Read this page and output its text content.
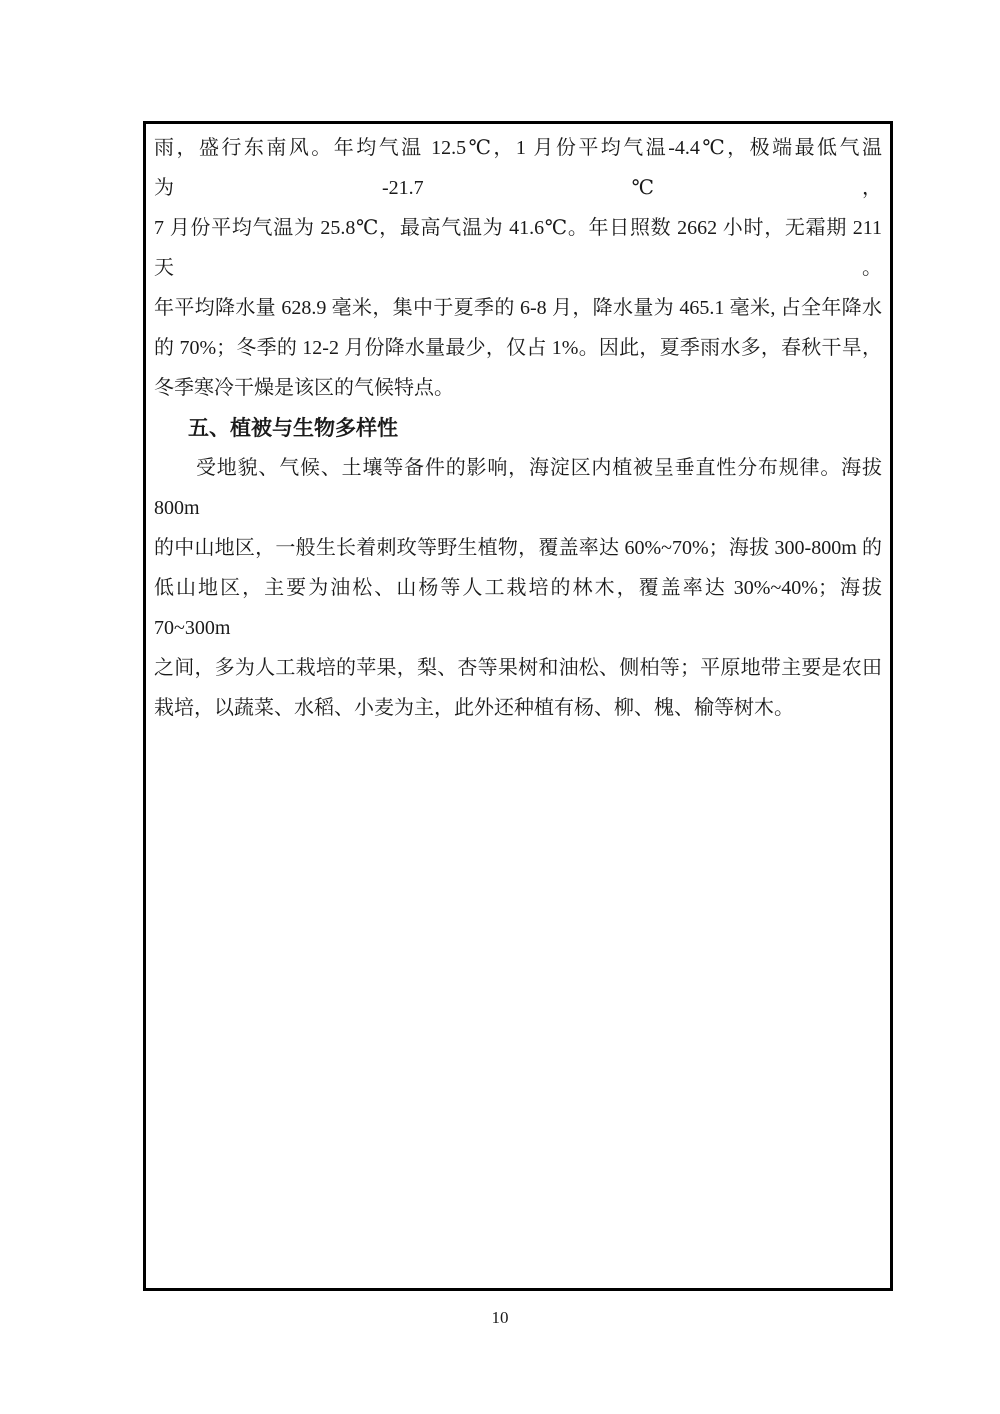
雨，盛行东南风。年均气温 12.5℃，1 月份平均气温-4.4℃，极端最低气温为-21.7℃，

7 月份平均气温为 25.8℃，最高气温为 41.6℃。年日照数 2662 小时，无霜期 211 天。

年平均降水量 628.9 毫米，集中于夏季的 6-8 月，降水量为 465.1 毫米, 占全年降水

的 70%；冬季的 12-2 月份降水量最少，仅占 1%。因此，夏季雨水多，春秋干旱，

冬季寒冷干燥是该区的气候特点。

五、植被与生物多样性

受地貌、气候、土壤等备件的影响，海淀区内植被呈垂直性分布规律。海拔 800m

的中山地区，一般生长着刺玫等野生植物，覆盖率达 60%~70%；海拔 300-800m 的

低山地区，主要为油松、山杨等人工栽培的林木，覆盖率达 30%~40%；海拔 70~300m

之间，多为人工栽培的苹果，梨、杏等果树和油松、侧柏等；平原地带主要是农田

栽培，以蔬菜、水稻、小麦为主，此外还种植有杨、柳、槐、榆等树木。

10
